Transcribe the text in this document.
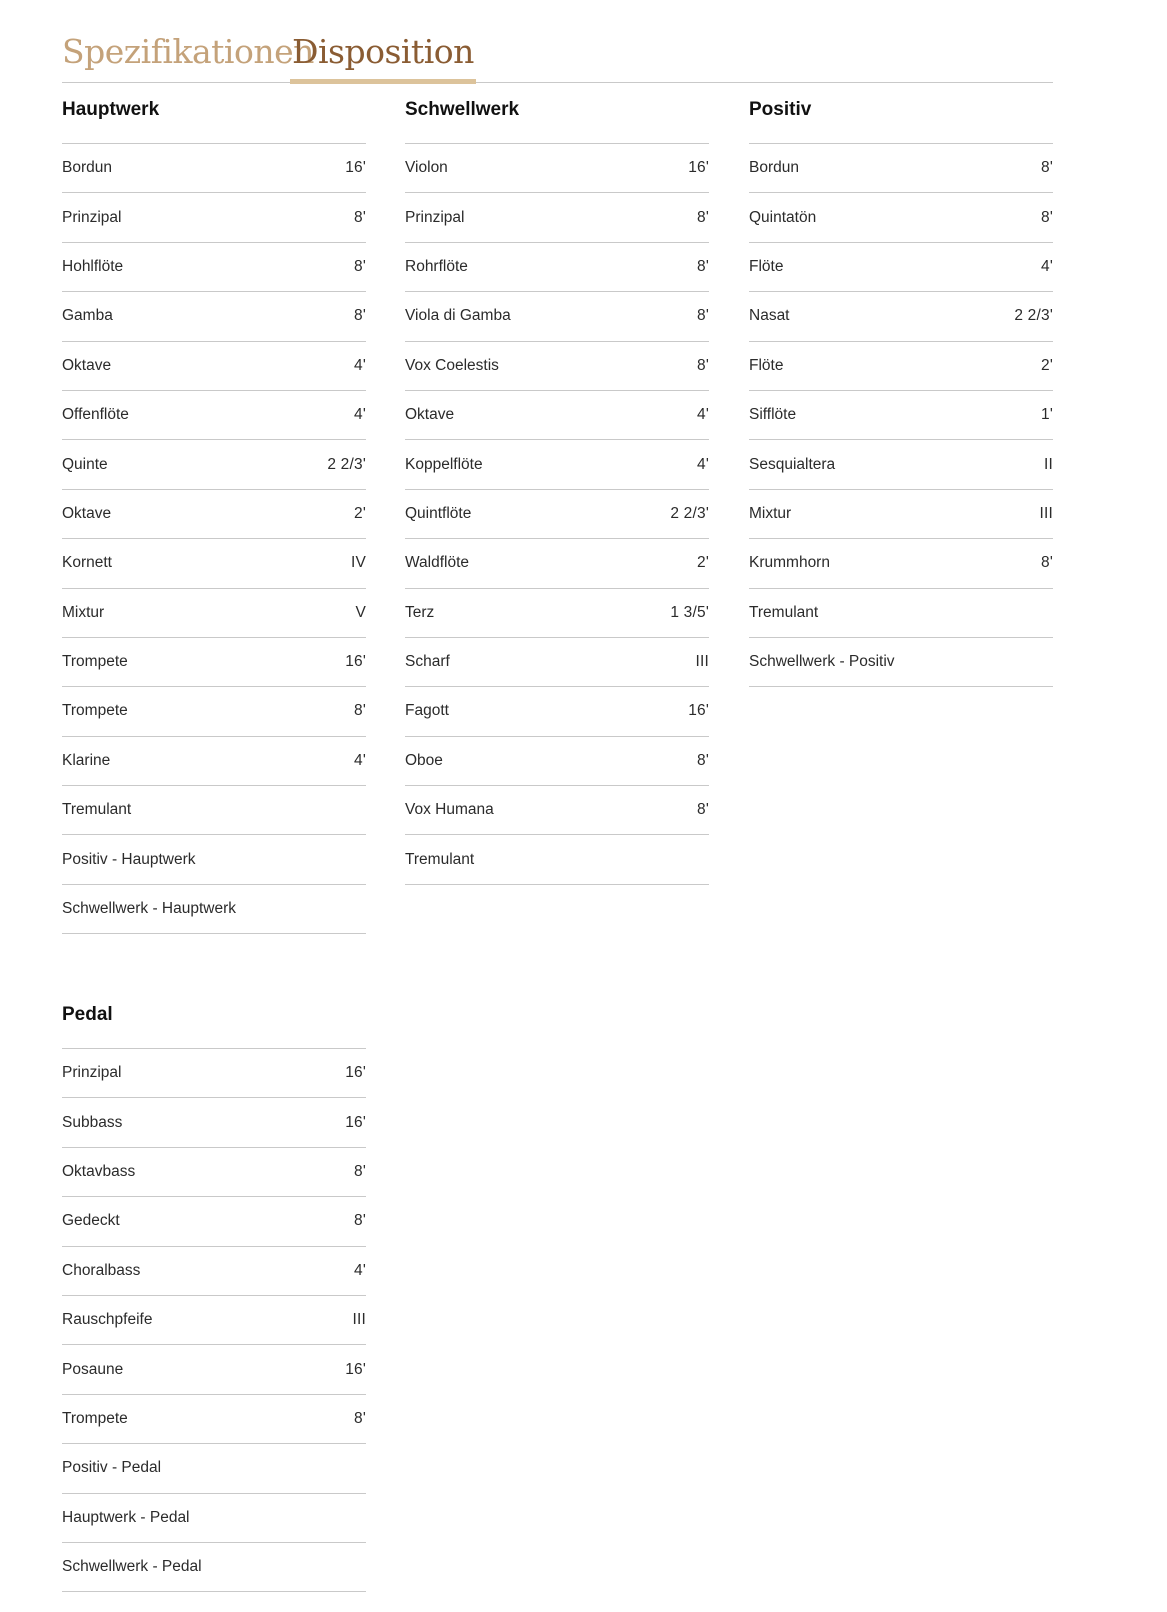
Spezifikationen
Disposition
Hauptwerk
Bordun	16'
Prinzipal	8'
Hohlflöte	8'
Gamba	8'
Oktave	4'
Offenflöte	4'
Quinte	2 2/3'
Oktave	2'
Kornett	IV
Mixtur	V
Trompete	16'
Trompete	8'
Klarine	4'
Tremulant
Positiv - Hauptwerk
Schwellwerk - Hauptwerk
Schwellwerk
Violon	16'
Prinzipal	8'
Rohrflöte	8'
Viola di Gamba	8'
Vox Coelestis	8'
Oktave	4'
Koppelflöte	4'
Quintflöte	2 2/3'
Waldflöte	2'
Terz	1 3/5'
Scharf	III
Fagott	16'
Oboe	8'
Vox Humana	8'
Tremulant
Positiv
Bordun	8'
Quintatön	8'
Flöte	4'
Nasat	2 2/3'
Flöte	2'
Sifflöte	1'
Sesquialtera	II
Mixtur	III
Krummhorn	8'
Tremulant
Schwellwerk - Positiv
Pedal
Prinzipal	16'
Subbass	16'
Oktavbass	8'
Gedeckt	8'
Choralbass	4'
Rauschpfeife	III
Posaune	16'
Trompete	8'
Positiv - Pedal
Hauptwerk - Pedal
Schwellwerk - Pedal
